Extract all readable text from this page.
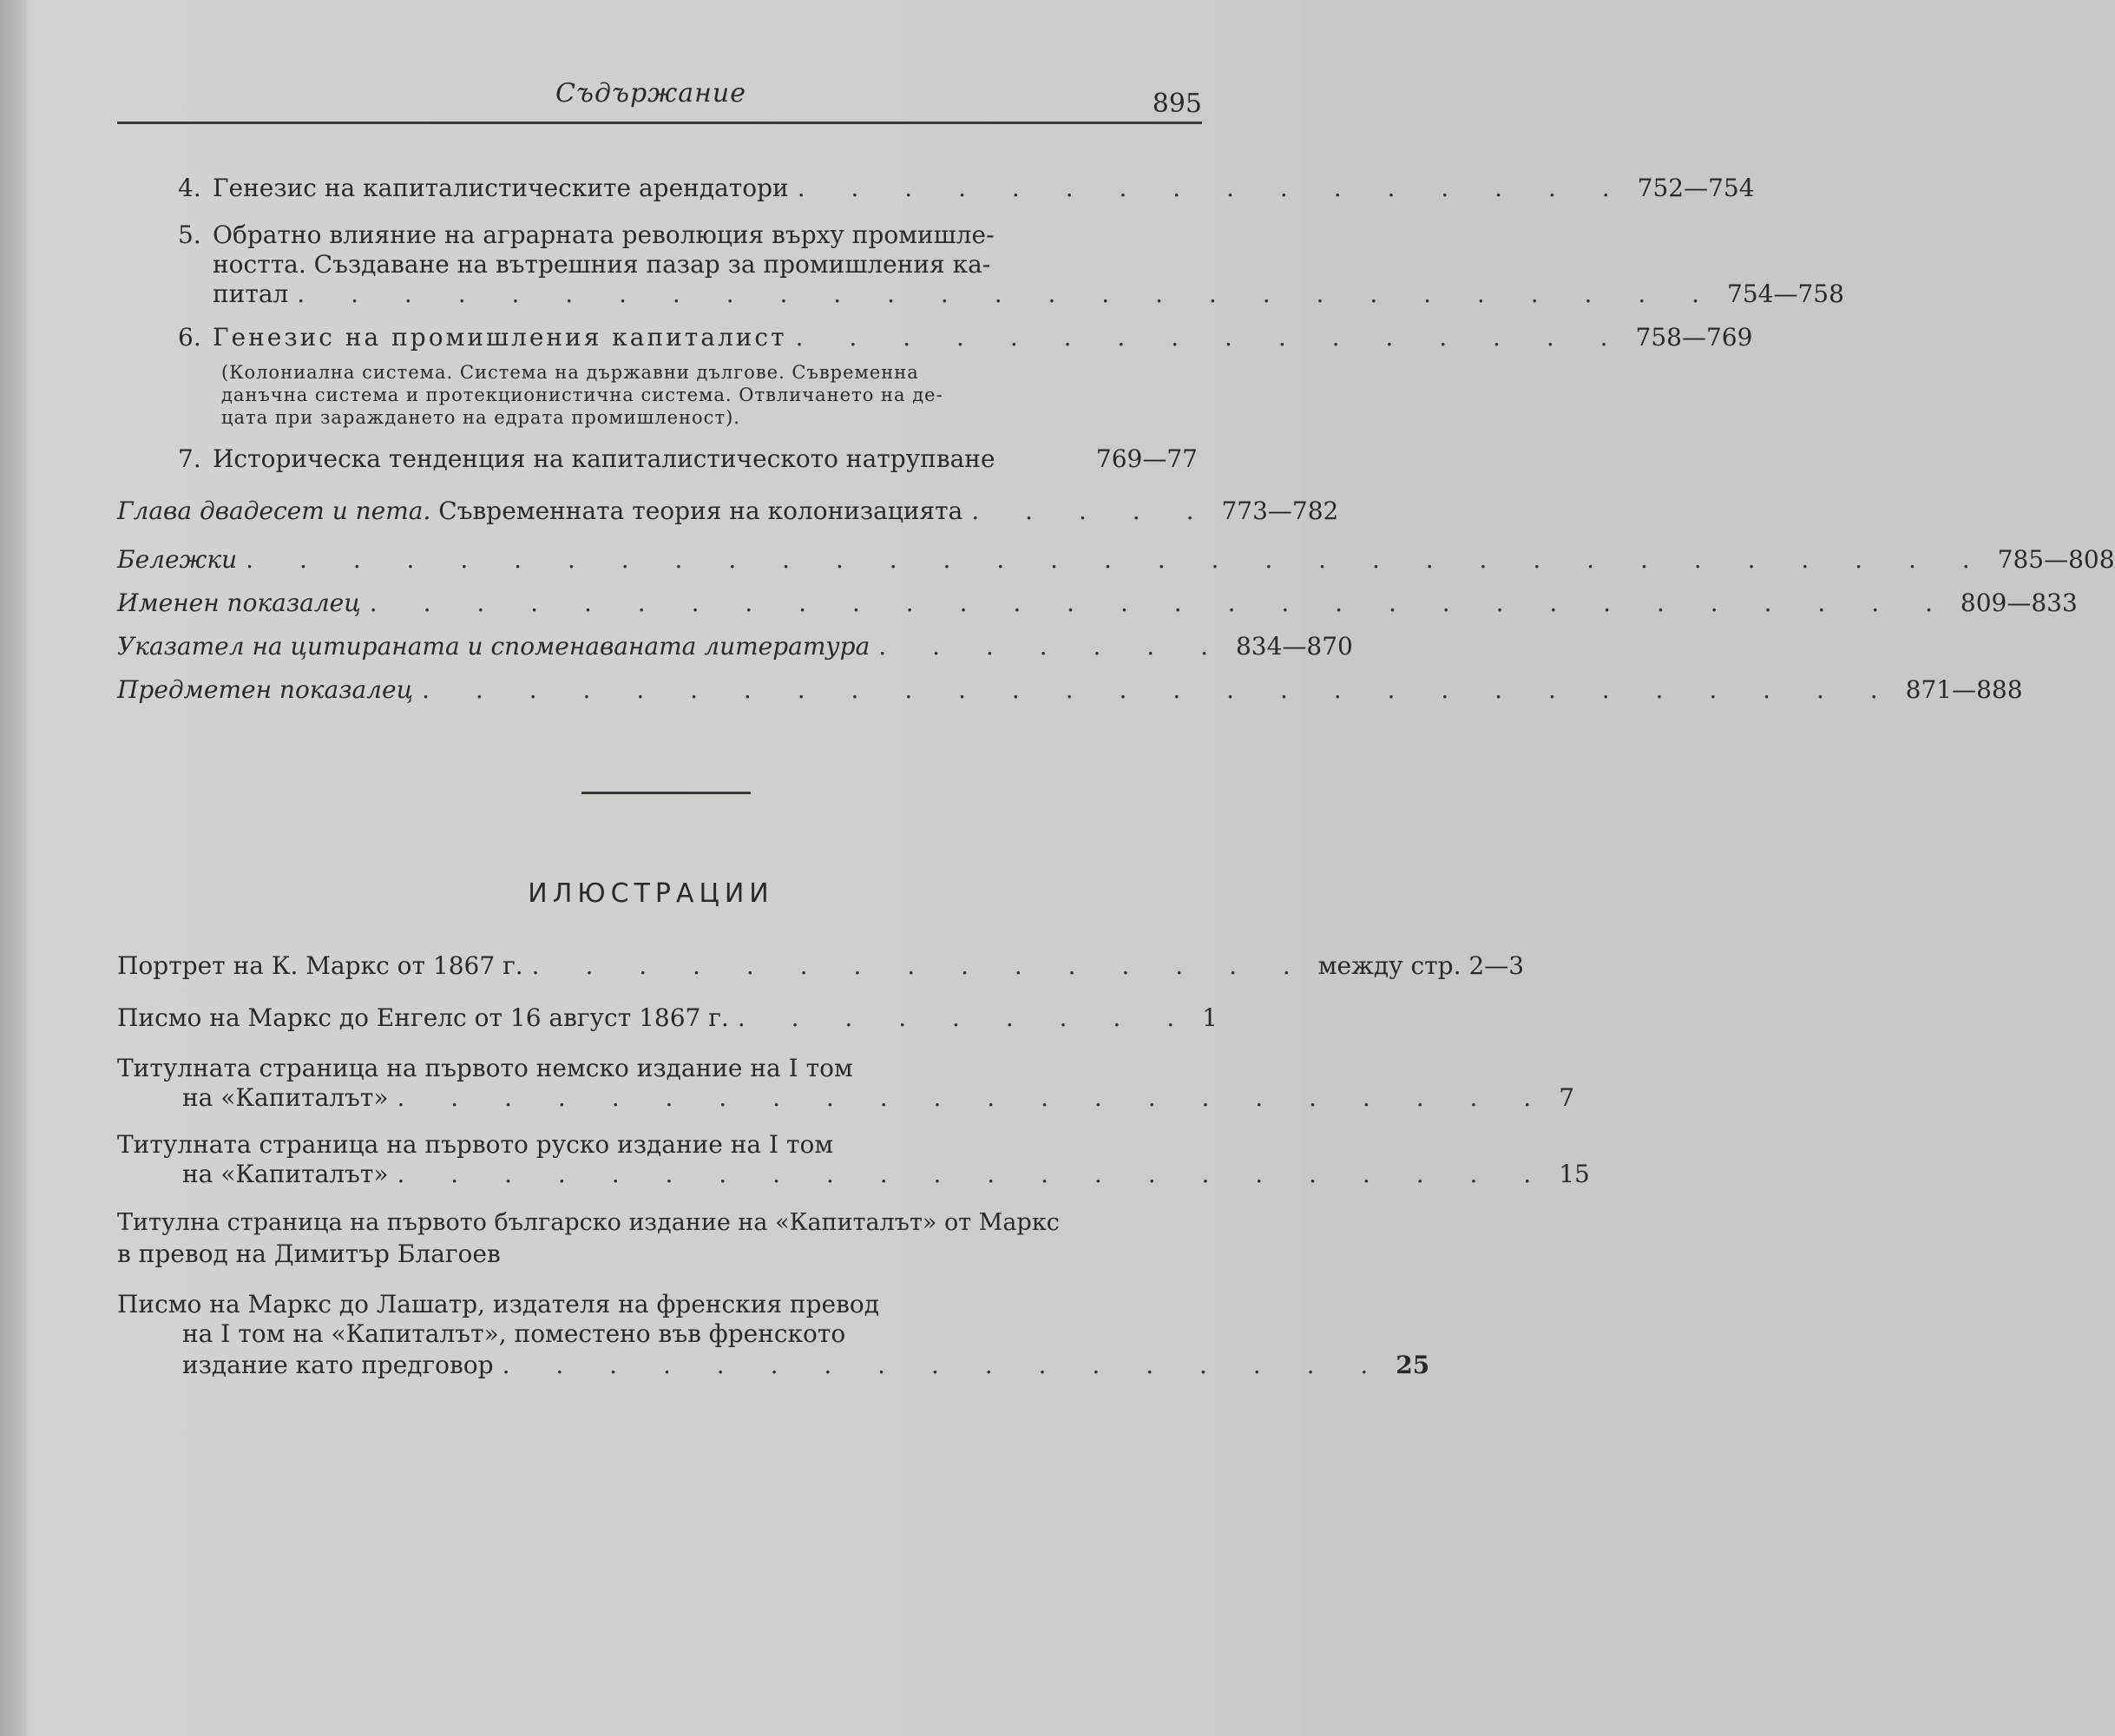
Съдържание	895
4. Генезис на капиталистическите арендатори . . . . . . . . . . . . . . . . 752—754
5. Обратно влияние на аграрната революция върху промишле-
ността. Създаване на вътрешния пазар за промишления ка-
питал . . . . . . . . . . . . . . . . . . . . . . . . . . . 754—758
6. Генезис на промишления капиталист . . . . . . . . . . . . . . . . 758—769
(Колониална система. Система на държавни дългове. Съвременна
данъчна система и протекционистична система. Отвличането на де-
цата при зараждането на едрата промишленост).
7. Историческа тенденция на капиталистическото натрупване	769—77
Глава двадесет и пета. Съвременната теория на колонизацията . . . . . 773—782
Бележки . . . . . . . . . . . . . . . . . . . . . . . . . . . . . . . . . 785—808
Именен показалец . . . . . . . . . . . . . . . . . . . . . . . . . . . . . . 809—833
Указател на цитираната и споменаваната литература . . . . . . . 834—870
Предметен показалец . . . . . . . . . . . . . . . . . . . . . . . . . . . . 871—888
ИЛЮСТРАЦИИ
Портрет на К. Маркс от 1867 г. . . . . . . . . . . . . . . . между стр. 2—3
Писмо на Маркс до Енгелс от 16 август 1867 г. . . . . . . . . . 1
Титулната страница на първото немско издание на I том
на «Капиталът» . . . . . . . . . . . . . . . . . . . . . . 7
Титулната страница на първото руско издание на I том
на «Капиталът» . . . . . . . . . . . . . . . . . . . . . . 15
Титулна страница на първото българско издание на «Капиталът» от Маркс
в превод на Димитър Благоев
Писмо на Маркс до Лашатр, издателя на френския превод
на I том на «Капиталът», поместено във френското
издание като предговор . . . . . . . . . . . . . . . . . 25
